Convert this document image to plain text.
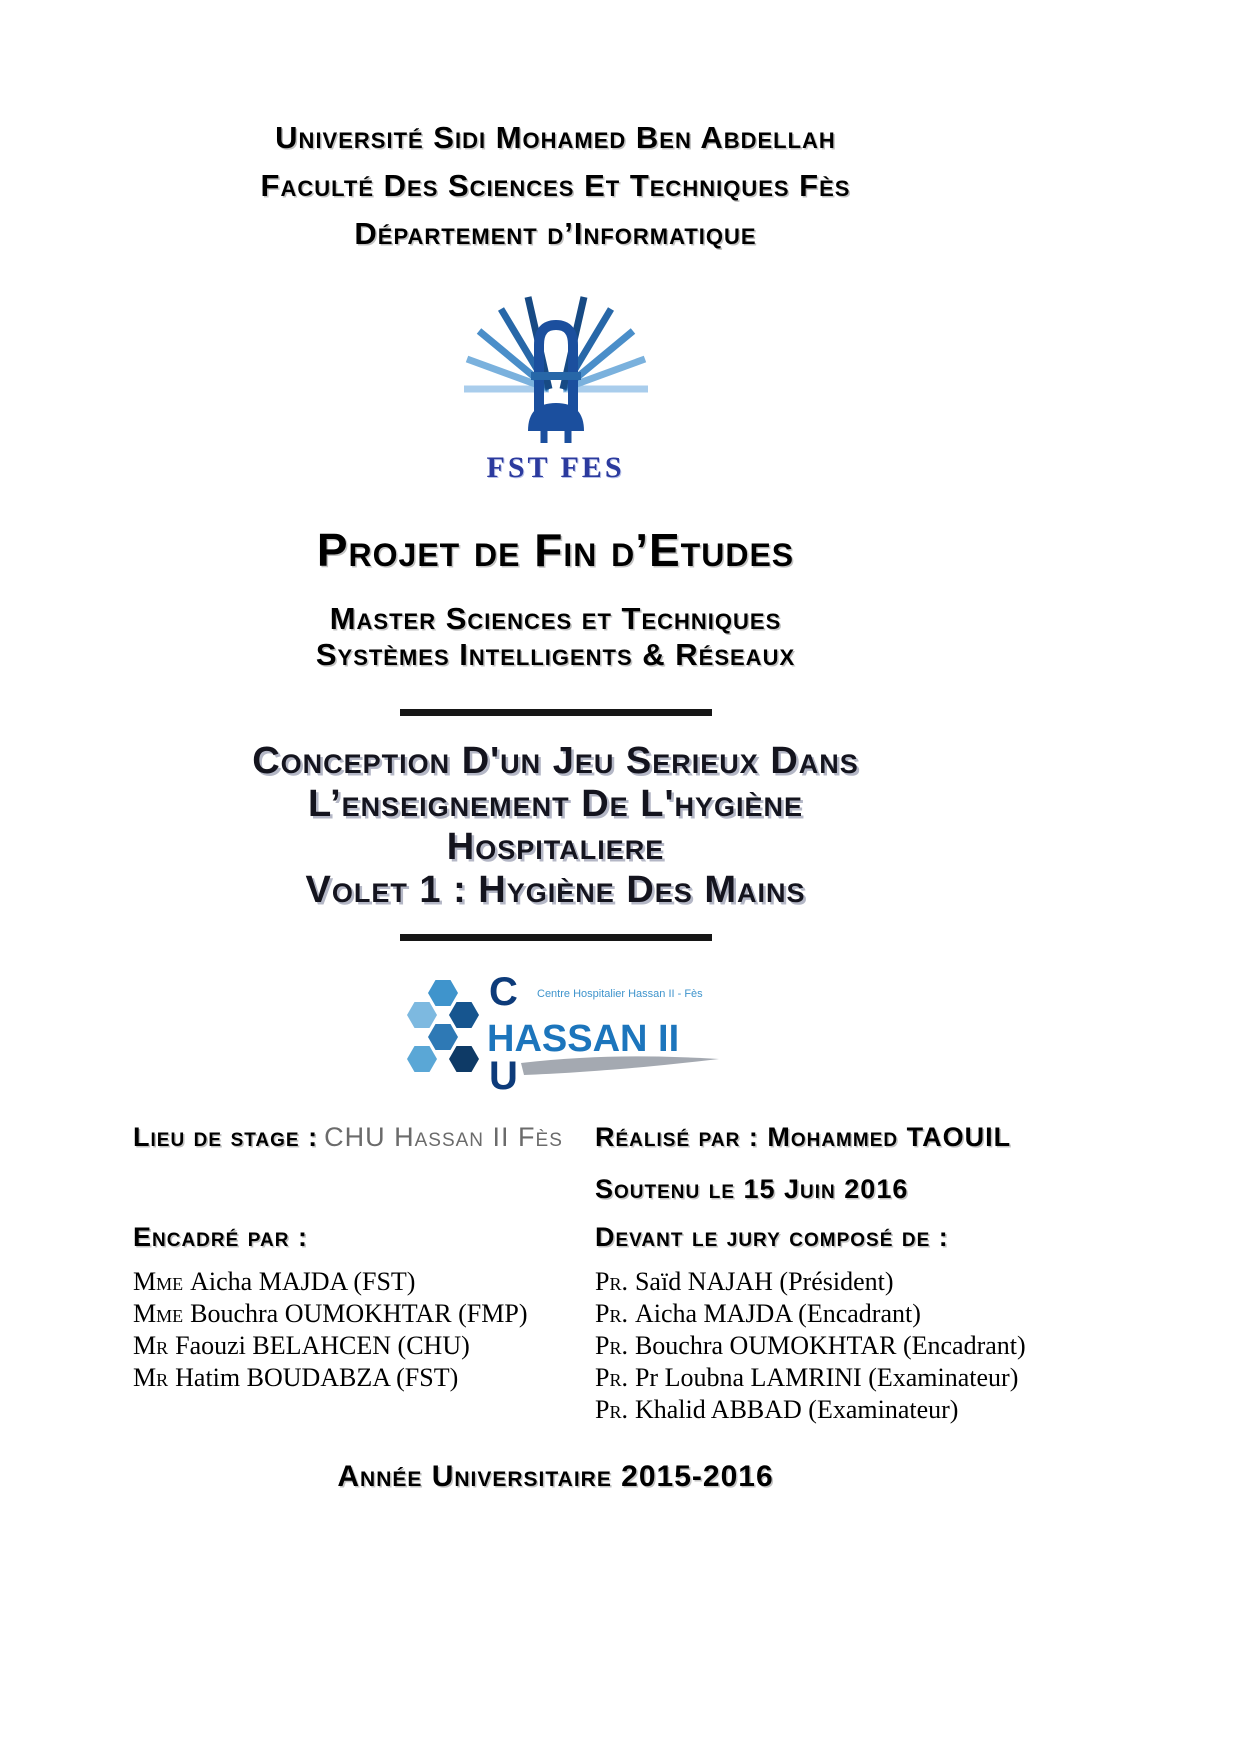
Université Sidi Mohamed Ben Abdellah
Faculté Des Sciences Et Techniques Fès
Département d’Informatique
FST FES
Projet de Fin d’Etudes
Master Sciences et Techniques
Systèmes Intelligents & Réseaux
Conception D'un Jeu Serieux Dans
L’enseignement De L'hygiène
Hospitaliere
Volet 1 : Hygiène Des Mains
C
HASSAN II
U
Centre Hospitalier Hassan II - Fès
Lieu de stage : CHU Hassan II Fès
Encadré par :
Mme Aicha MAJDA (FST)
Mme Bouchra OUMOKHTAR (FMP)
Mr Faouzi BELAHCEN (CHU)
Mr Hatim BOUDABZA (FST)
Réalisé par : Mohammed TAOUIL
Soutenu le 15 Juin 2016
Devant le jury composé de :
Pr. Saïd NAJAH (Président)
Pr. Aicha MAJDA (Encadrant)
Pr. Bouchra OUMOKHTAR (Encadrant)
Pr. Pr Loubna LAMRINI (Examinateur)
Pr. Khalid ABBAD (Examinateur)
Année Universitaire 2015-2016
